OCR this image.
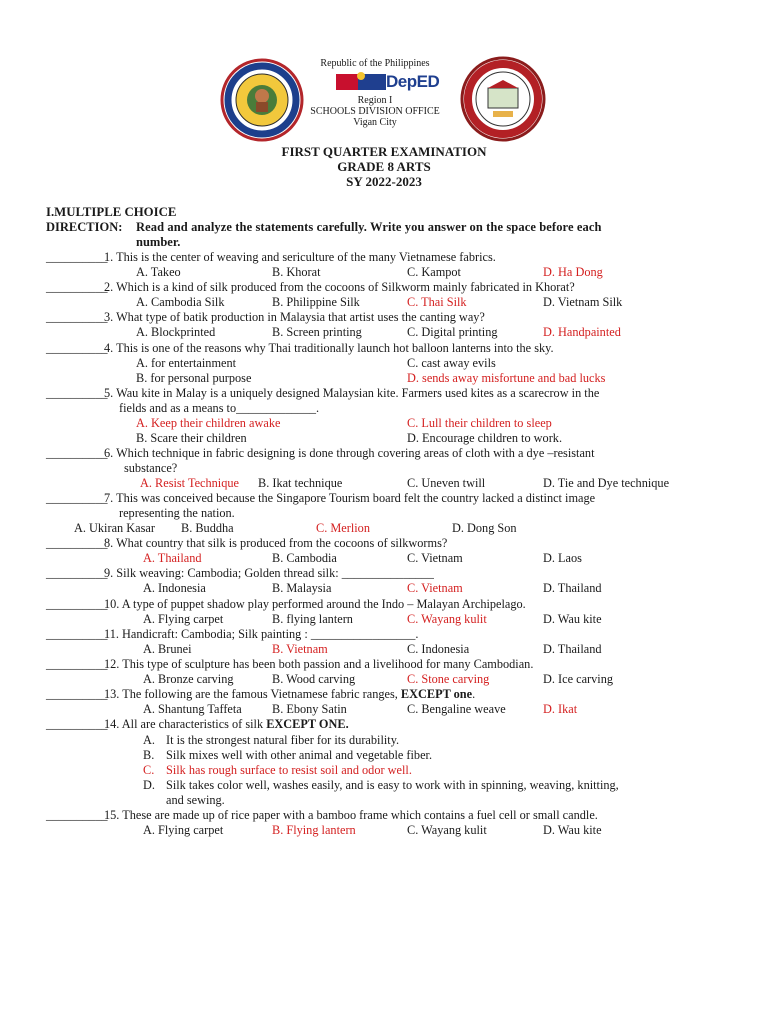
Republic of the Philippines
DepED
Region I
SCHOOLS DIVISION OFFICE
Vigan City
FIRST QUARTER EXAMINATION
GRADE 8 ARTS
SY 2022-2023
I.MULTIPLE CHOICE
DIRECTION: Read and analyze the statements carefully. Write you answer on the space before each
number.
__________
1. This is the center of weaving and sericulture of the many Vietnamese fabrics.
A. Takeo	B. Khorat	C. Kampot	D. Ha Dong
__________
2. Which is a kind of silk produced from the cocoons of Silkworm mainly fabricated in Khorat?
A. Cambodia Silk	B. Philippine Silk	C. Thai Silk	D. Vietnam Silk
__________
3. What type of batik production in Malaysia that artist uses the canting way?
A. Blockprinted	B. Screen printing	C. Digital printing	D. Handpainted
__________
4. This is one of the reasons why Thai traditionally launch hot balloon lanterns into the sky.
A. for entertainment	C. cast away evils
B. for personal purpose	D. sends away misfortune and bad lucks
__________
5. Wau kite in Malay is a uniquely designed Malaysian kite. Farmers used kites as a scarecrow in the
fields and as a means to_____________.
A. Keep their children awake	C. Lull their children to sleep
B. Scare their children	D. Encourage children to work.
__________
6. Which technique in fabric designing is done through covering areas of cloth with a dye –resistant
substance?
A. Resist Technique B. Ikat technique	C. Uneven twill	D. Tie and Dye technique
__________
7. This was conceived because the Singapore Tourism board felt the country lacked a distinct image
representing the nation.
A. Ukiran Kasar B. Buddha	C. Merlion	D. Dong Son
__________
8. What country that silk is produced from the cocoons of silkworms?
A. Thailand	B. Cambodia	C. Vietnam	D. Laos
__________
9. Silk weaving: Cambodia; Golden thread silk: _______________
A. Indonesia	B. Malaysia	C. Vietnam	D. Thailand
__________
10. A type of puppet shadow play performed around the Indo – Malayan Archipelago.
A. Flying carpet	B. flying lantern	C. Wayang kulit	D. Wau kite
__________
11. Handicraft: Cambodia; Silk painting : _________________.
A. Brunei	B. Vietnam	C. Indonesia	D. Thailand
__________
12. This type of sculpture has been both passion and a livelihood for many Cambodian.
A. Bronze carving	B. Wood carving	C. Stone carving	D. Ice carving
__________
13. The following are the famous Vietnamese fabric ranges, EXCEPT one.
A. Shantung Taffeta B. Ebony Satin	C. Bengaline weave	D. Ikat
__________
14. All are characteristics of silk EXCEPT ONE.
A. It is the strongest natural fiber for its durability.
B. Silk mixes well with other animal and vegetable fiber.
C. Silk has rough surface to resist soil and odor well.
D. Silk takes color well, washes easily, and is easy to work with in spinning, weaving, knitting,
and sewing.
__________
15. These are made up of rice paper with a bamboo frame which contains a fuel cell or small candle.
A. Flying carpet	B. Flying lantern	C. Wayang kulit	D. Wau kite
